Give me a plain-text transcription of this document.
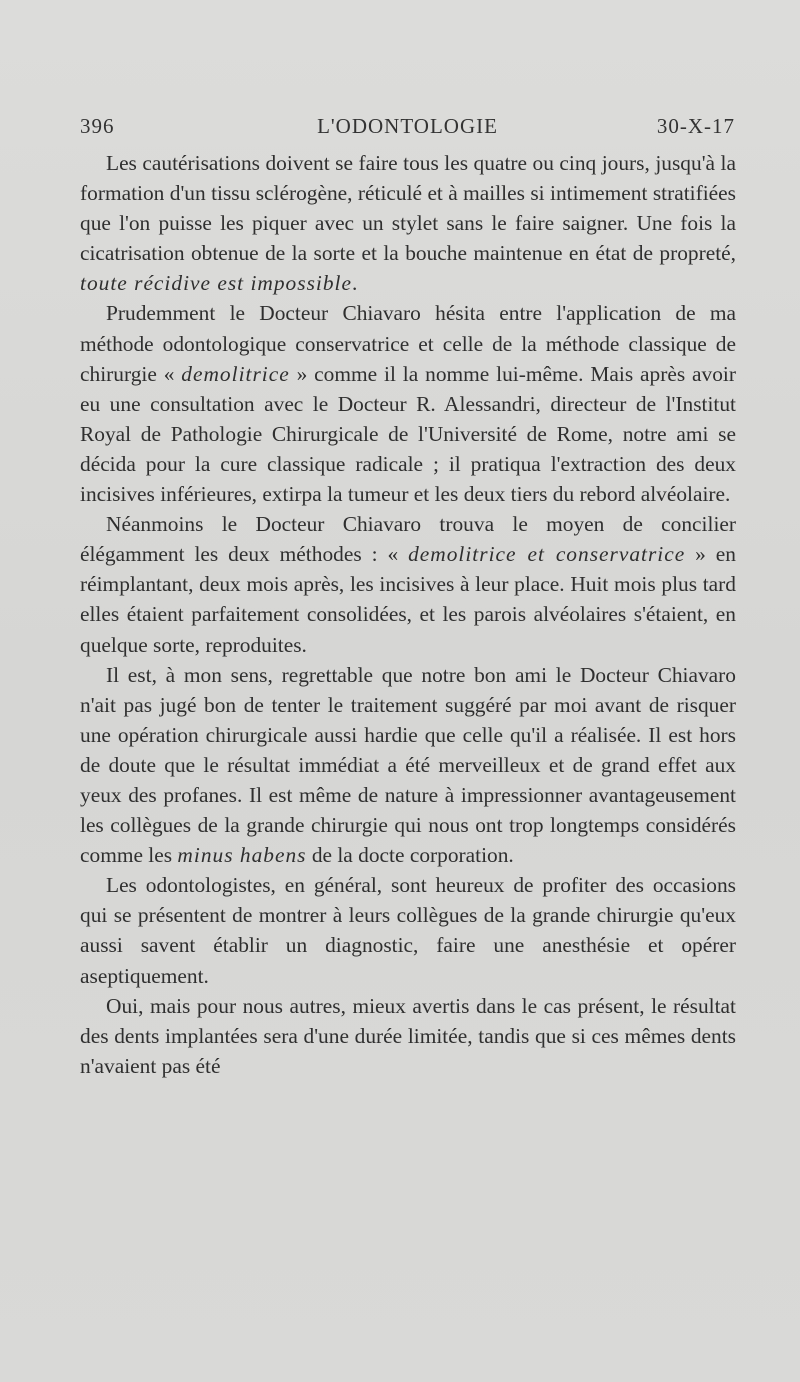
396	L'ODONTOLOGIE	30-X-17

Les cautérisations doivent se faire tous les quatre ou cinq jours, jusqu'à la formation d'un tissu sclérogène, réticulé et à mailles si intimement stratifiées que l'on puisse les piquer avec un stylet sans le faire saigner. Une fois la cicatrisation obtenue de la sorte et la bouche maintenue en état de propreté, toute récidive est impossible.

Prudemment le Docteur Chiavaro hésita entre l'application de ma méthode odontologique conservatrice et celle de la méthode classique de chirurgie « demolitrice » comme il la nomme lui-même. Mais après avoir eu une consultation avec le Docteur R. Alessandri, directeur de l'Institut Royal de Pathologie Chirurgicale de l'Université de Rome, notre ami se décida pour la cure classique radicale ; il pratiqua l'extraction des deux incisives inférieures, extirpa la tumeur et les deux tiers du rebord alvéolaire.

Néanmoins le Docteur Chiavaro trouva le moyen de concilier élégamment les deux méthodes : « demolitrice et conservatrice » en réimplantant, deux mois après, les incisives à leur place. Huit mois plus tard elles étaient parfaitement consolidées, et les parois alvéolaires s'étaient, en quelque sorte, reproduites.

Il est, à mon sens, regrettable que notre bon ami le Docteur Chiavaro n'ait pas jugé bon de tenter le traitement suggéré par moi avant de risquer une opération chirurgicale aussi hardie que celle qu'il a réalisée. Il est hors de doute que le résultat immédiat a été merveilleux et de grand effet aux yeux des profanes. Il est même de nature à impressionner avantageusement les collègues de la grande chirurgie qui nous ont trop longtemps considérés comme les minus habens de la docte corporation.

Les odontologistes, en général, sont heureux de profiter des occasions qui se présentent de montrer à leurs collègues de la grande chirurgie qu'eux aussi savent établir un diagnostic, faire une anesthésie et opérer aseptiquement.

Oui, mais pour nous autres, mieux avertis dans le cas présent, le résultat des dents implantées sera d'une durée limitée, tandis que si ces mêmes dents n'avaient pas été
